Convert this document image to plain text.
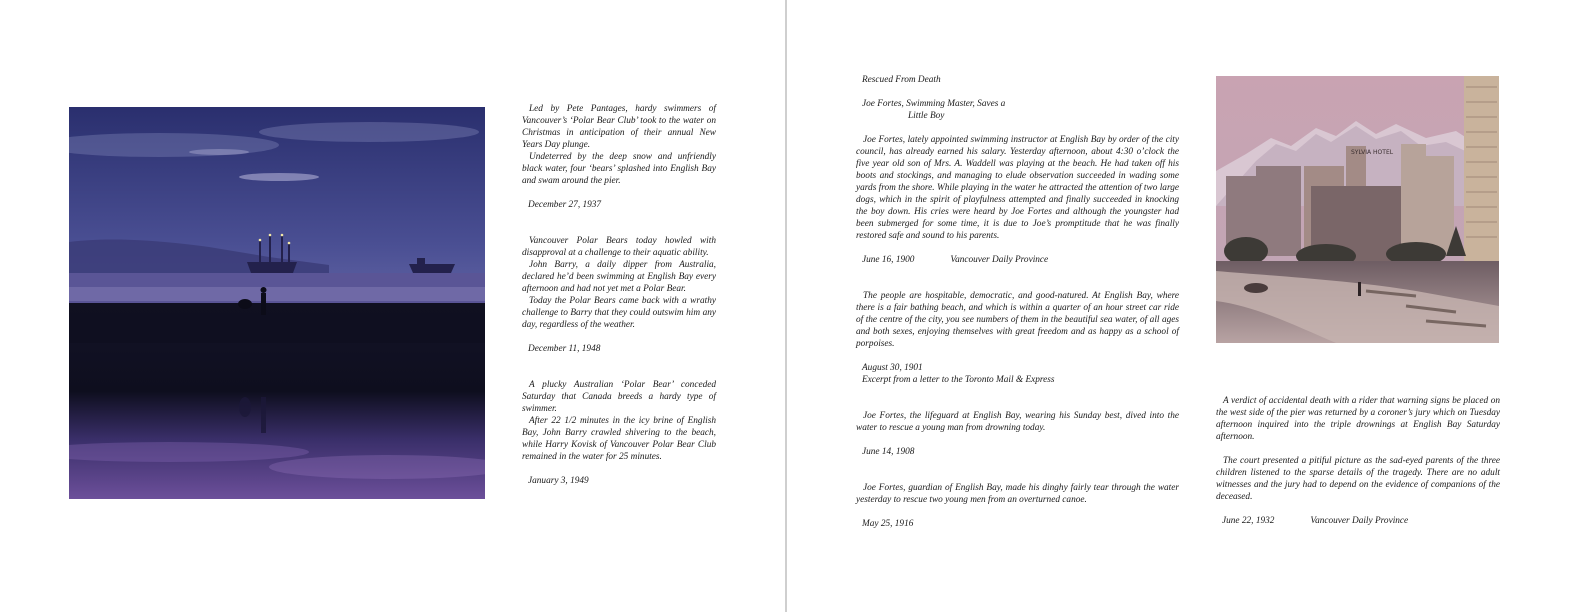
Led by Pete Pantages, hardy swimmers of Vancouver’s ‘Polar Bear Club’ took to the water on Christmas in anticipation of their annual New Years Day plunge.

Undeterred by the deep snow and unfriendly black water, four ‘bears’ splashed into English Bay and swam around the pier.

December 27, 1937

Vancouver Polar Bears today howled with disapproval at a challenge to their aquatic ability.

John Barry, a daily dipper from Australia, declared he’d been swimming at English Bay every afternoon and had not yet met a Polar Bear.

Today the Polar Bears came back with a wrathy challenge to Barry that they could outswim him any day, regardless of the weather.

December 11, 1948

A plucky Australian ‘Polar Bear’ conceded Saturday that Canada breeds a hardy type of swimmer.

After 22 1/2 minutes in the icy brine of English Bay, John Barry crawled shivering to the beach, while Harry Kovisk of Vancouver Polar Bear Club remained in the water for 25 minutes.

January 3, 1949

Rescued From Death

Joe Fortes, Swimming Master, Saves a

Little Boy

Joe Fortes, lately appointed swimming instructor at English Bay by order of the city council, has already earned his salary. Yesterday afternoon, about 4:30 o’clock the five year old son of Mrs. A. Waddell was playing at the beach. He had taken off his boots and stockings, and managing to elude observation succeeded in wading some yards from the shore. While playing in the water he attracted the attention of two large dogs, which in the spirit of playfulness attempted and finally succeeded in knocking the boy down. His cries were heard by Joe Fortes and although the youngster had been submerged for some time, it is due to Joe’s promptitude that he was finally restored safe and sound to his parents.

June 16, 1900	Vancouver Daily Province

The people are hospitable, democratic, and good-natured. At English Bay, where there is a fair bathing beach, and which is within a quarter of an hour street car ride of the centre of the city, you see numbers of them in the beautiful sea water, of all ages and both sexes, enjoying themselves with great freedom and as happy as a school of porpoises.

August 30, 1901

Excerpt from a letter to the Toronto Mail & Express

Joe Fortes, the lifeguard at English Bay, wearing his Sunday best, dived into the water to rescue a young man from drowning today.

June 14, 1908

Joe Fortes, guardian of English Bay, made his dinghy fairly tear through the water yesterday to rescue two young men from an overturned canoe.

May 25, 1916

SYLVIA HOTEL

A verdict of accidental death with a rider that warning signs be placed on the west side of the pier was returned by a coroner’s jury which on Tuesday afternoon inquired into the triple drownings at English Bay Saturday afternoon.

The court presented a pitiful picture as the sad-eyed parents of the three children listened to the sparse details of the tragedy. There are no adult witnesses and the jury had to depend on the evidence of companions of the deceased.

June 22, 1932	Vancouver Daily Province
